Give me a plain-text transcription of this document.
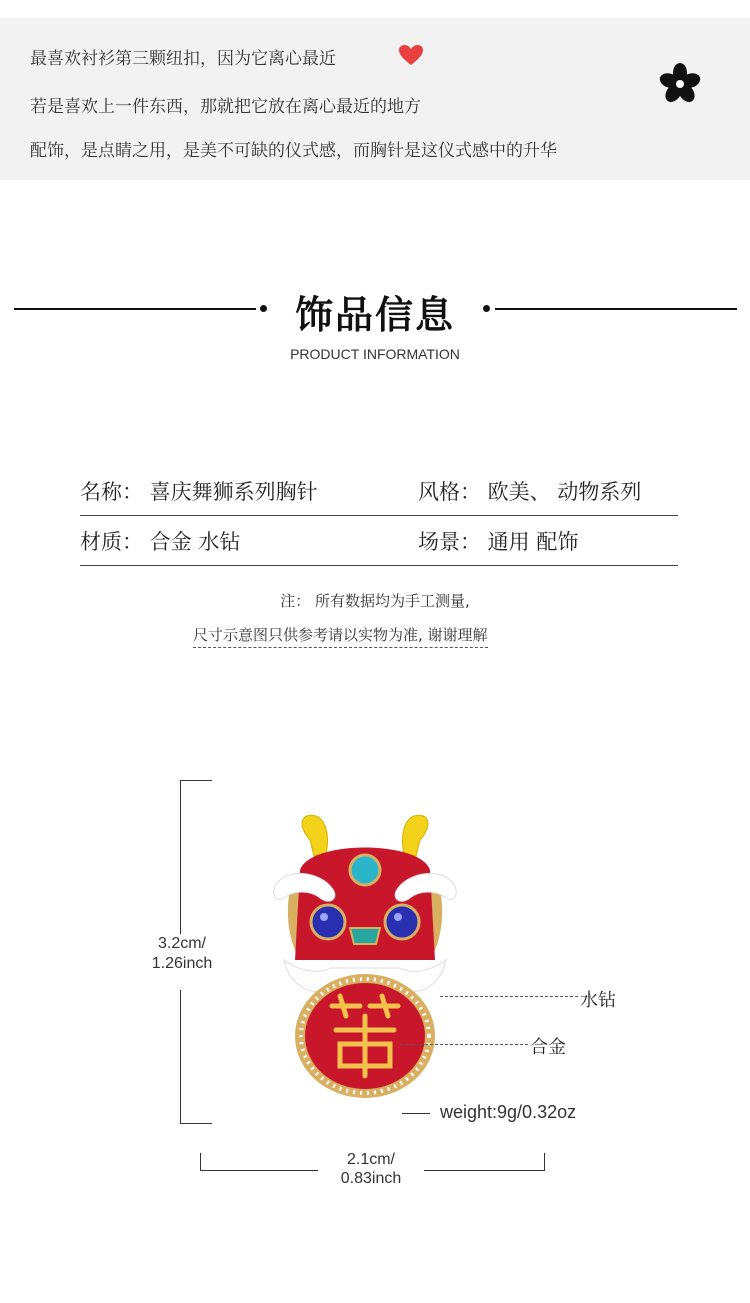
最喜欢衬衫第三颗纽扣，因为它离心最近
若是喜欢上一件东西，那就把它放在离心最近的地方
配饰，是点睛之用，是美不可缺的仪式感，而胸针是这仪式感中的升华
饰品信息
PRODUCT INFORMATION
名称： 喜庆舞狮系列胸针	风格： 欧美、 动物系列
材质： 合金 水钻	场景： 通用 配饰
注： 所有数据均为手工测量,
尺寸示意图只供参考请以实物为准, 谢谢理解
3.2cm/
1.26inch
2.1cm/
0.83inch
水钻
合金
weight:9g/0.32oz
